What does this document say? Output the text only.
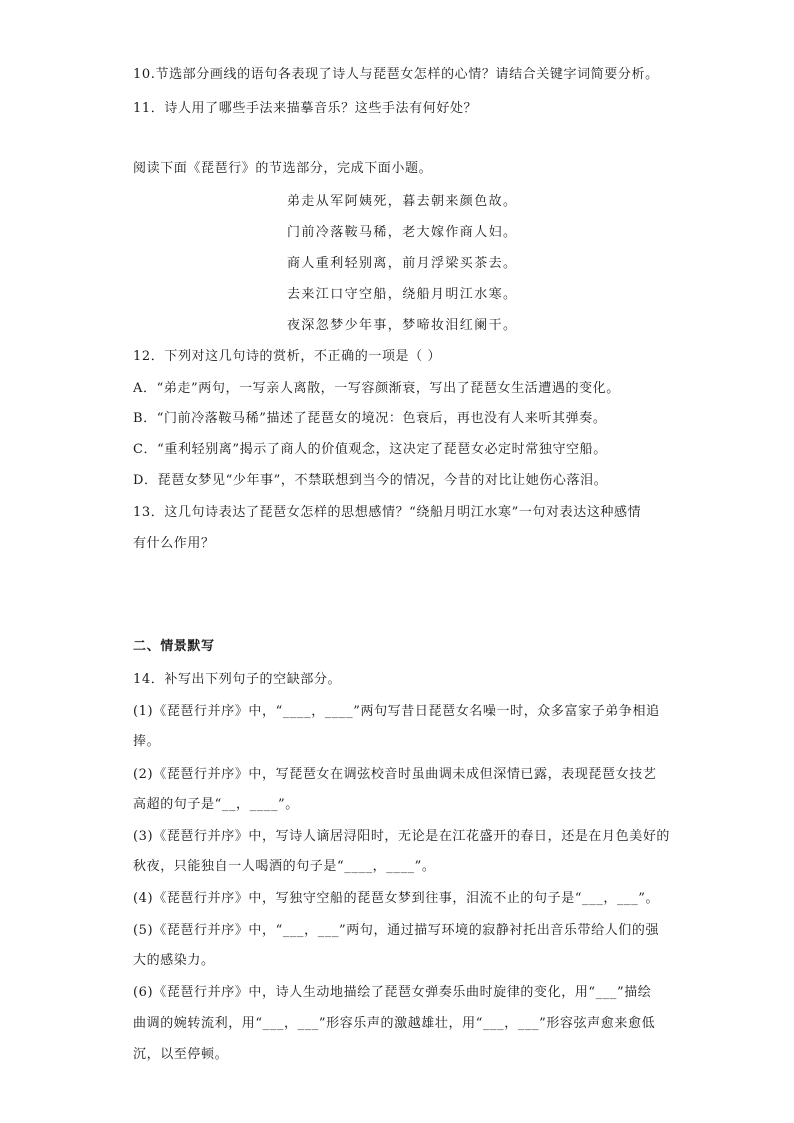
10.节选部分画线的语句各表现了诗人与琵琶女怎样的心情？请结合关键字词简要分析。
11．诗人用了哪些手法来描摹音乐？这些手法有何好处？
阅读下面《琵琶行》的节选部分，完成下面小题。
弟走从军阿姨死，暮去朝来颜色故。
门前冷落鞍马稀，老大嫁作商人妇。
商人重利轻别离，前月浮梁买茶去。
去来江口守空船，绕船月明江水寒。
夜深忽梦少年事，梦啼妆泪红阑干。
12．下列对这几句诗的赏析，不正确的一项是（ ）
A．“弟走”两句，一写亲人离散，一写容颜渐衰，写出了琵琶女生活遭遇的变化。
B．“门前冷落鞍马稀”描述了琵琶女的境况：色衰后，再也没有人来听其弹奏。
C．“重利轻别离”揭示了商人的价值观念，这决定了琵琶女必定时常独守空船。
D．琵琶女梦见“少年事”，不禁联想到当今的情况，今昔的对比让她伤心落泪。
13．这几句诗表达了琵琶女怎样的思想感情？“绕船月明江水寒”一句对表达这种感情
有什么作用？
二、情景默写
14．补写出下列句子的空缺部分。
(1)《琵琶行并序》中，“____，____”两句写昔日琵琶女名噪一时，众多富家子弟争相追
捧。
(2)《琵琶行并序》中，写琵琶女在调弦校音时虽曲调未成但深情已露，表现琵琶女技艺
高超的句子是“__，____”。
(3)《琵琶行并序》中，写诗人谪居浔阳时，无论是在江花盛开的春日，还是在月色美好的
秋夜，只能独自一人喝酒的句子是“____，____”。
(4)《琵琶行并序》中，写独守空船的琵琶女梦到往事，泪流不止的句子是“___，___”。
(5)《琵琶行并序》中，“___，___”两句，通过描写环境的寂静衬托出音乐带给人们的强
大的感染力。
(6)《琵琶行并序》中，诗人生动地描绘了琵琶女弹奏乐曲时旋律的变化，用“___”描绘
曲调的婉转流利，用“___，___”形容乐声的激越雄壮，用“___，___”形容弦声愈来愈低
沉，以至停顿。
